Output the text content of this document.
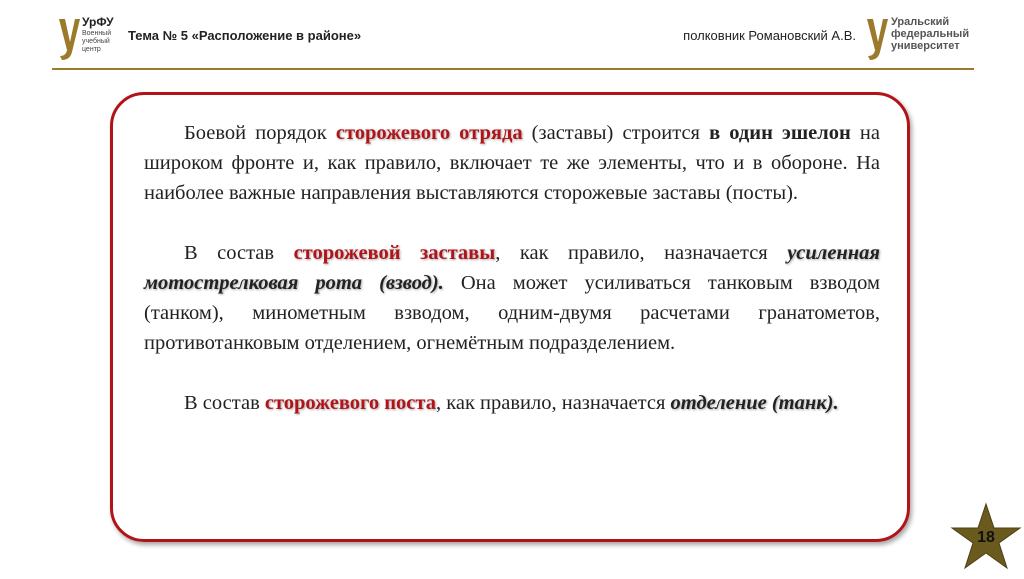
УрФУ
Военный
учебный
центр
Тема № 5 «Расположение в районе»	полковник Романовский А.В.
Уральский
федеральный
университет

Боевой порядок сторожевого отряда (заставы) строится в один эшелон на широком фронте и, как правило, включает те же элементы, что и в обороне. На наиболее важные направления выставляются сторожевые заставы (посты).

В состав сторожевой заставы, как правило, назначается усиленная мотострелковая рота (взвод). Она может усиливаться танковым взводом (танком), минометным взводом, одним-двумя расчетами гранатометов, противотанковым отделением, огнемётным подразделением.

В состав сторожевого поста, как правило, назначается отделение (танк).

18
